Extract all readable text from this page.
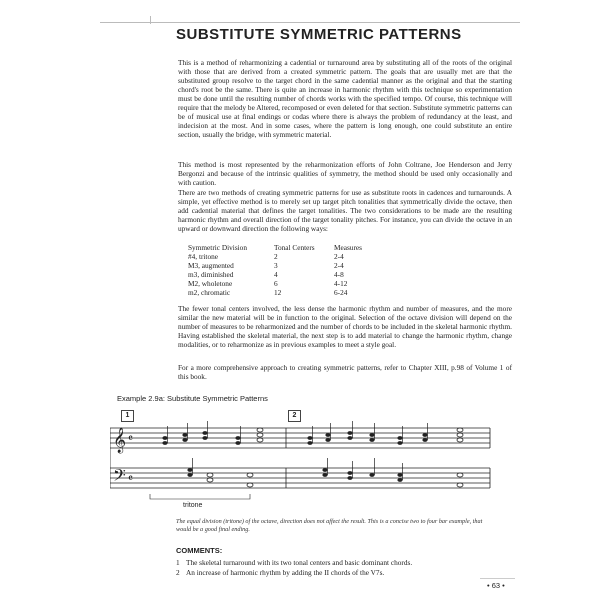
SUBSTITUTE SYMMETRIC PATTERNS
This is a method of reharmonizing a cadential or turnaround area by substituting all of the roots of the original with those that are derived from a created symmetric pattern. The goals that are usually met are that the substituted group resolve to the target chord in the same cadential manner as the original and that the starting chord's root be the same. There is quite an increase in harmonic rhythm with this technique so experimentation must be done until the resulting number of chords works with the specified tempo. Of course, this technique will require that the melody be Altered, recomposed or even deleted for that section. Substitute symmetric patterns can be of musical use at final endings or codas where there is always the problem of redundancy at the least, and indecision at the most. And in some cases, where the pattern is long enough, one could substitute an entire section, usually the bridge, with symmetric material.
This method is most represented by the reharmonization efforts of John Coltrane, Joe Henderson and Jerry Bergonzi and because of the intrinsic qualities of symmetry, the method should be used only occasionally and with caution.
There are two methods of creating symmetric patterns for use as substitute roots in cadences and turnarounds. A simple, yet effective method is to merely set up target pitch tonalities that symmetrically divide the octave, then add cadential material that defines the target tonalities. The two considerations to be made are the resulting harmonic rhythm and overall direction of the target tonality pitches. For instance, you can divide the octave in an upward or downward direction the following ways:
Symmetric Division	Tonal Centers	Measures
#4, tritone	2	2-4
M3, augmented	3	2-4
m3, diminished	4	4-8
M2, wholetone	6	4-12
m2, chromatic	12	6-24
The fewer tonal centers involved, the less dense the harmonic rhythm and number of measures, and the more similar the new material will be in function to the original. Selection of the octave division will depend on the number of measures to be reharmonized and the number of chords to be included in the skeletal harmonic rhythm. Having established the skeletal material, the next step is to add material to change the harmonic rhythm, change modalities, or to reharmonize as in previous examples to meet a style goal.
For a more comprehensive approach to creating symmetric patterns, refer to Chapter XIII, p.98 of Volume 1 of this book.
Example 2.9a: Substitute Symmetric Patterns
1	2
𝄞
𝄢
𝄴
𝄴
tritone
The equal division (tritone) of the octave, direction does not affect the result. This is a concise two to four bar example, that would be a good final ending.
COMMENTS:
1 The skeletal turnaround with its two tonal centers and basic dominant chords.
2 An increase of harmonic rhythm by adding the II chords of the V7s.
• 63 •
